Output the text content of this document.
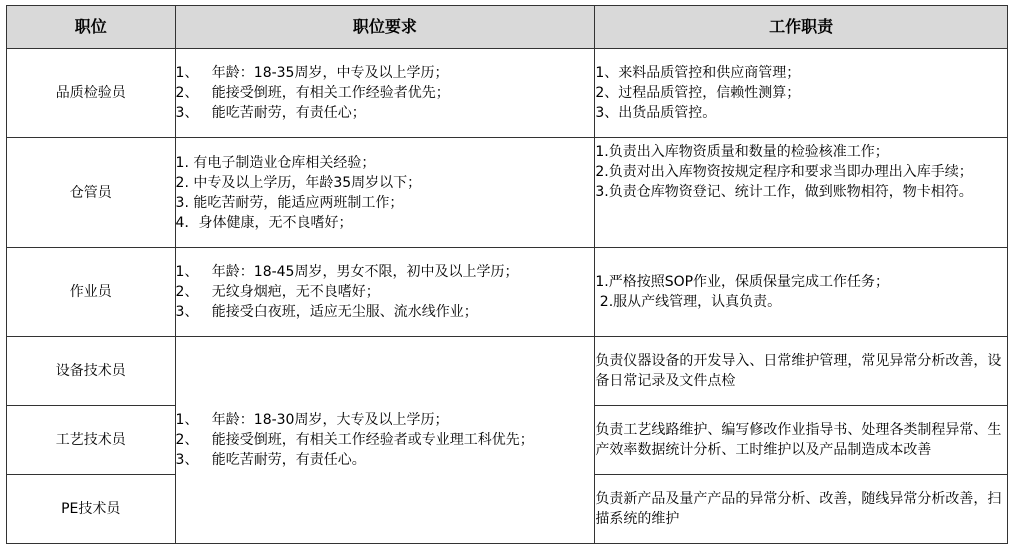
职位	职位要求	工作职责
品质检验员	1、   年龄：18-35周岁，中专及以上学历；
2、   能接受倒班，有相关工作经验者优先；
3、   能吃苦耐劳，有责任心；	1、来料品质管控和供应商管理；
2、过程品质管控，信赖性测算；
3、出货品质管控。

仓管员	1. 有电子制造业仓库相关经验；
2. 中专及以上学历，年龄35周岁以下；
3. 能吃苦耐劳，能适应两班制工作；
4．身体健康，无不良嗜好；	1.负责出入库物资质量和数量的检验核准工作；
2.负责对出入库物资按规定程序和要求当即办理出入库手续；
3.负责仓库物资登记、统计工作，做到账物相符，物卡相符。

作业员	1、   年龄：18-45周岁，男女不限，初中及以上学历；
2、   无纹身烟疤，无不良嗜好；
3、   能接受白夜班，适应无尘服、流水线作业；	1.严格按照SOP作业，保质保量完成工作任务；
2.服从产线管理，认真负责。

设备技术员	1、   年龄：18-30周岁，大专及以上学历；
2、   能接受倒班，有相关工作经验者或专业理工科优先；
3、   能吃苦耐劳，有责任心。	负责仪器设备的开发导入、日常维护管理，常见异常分析改善，设备日常记录及文件点检

工艺技术员		负责工艺线路维护、编写修改作业指导书、处理各类制程异常、生产效率数据统计分析、工时维护以及产品制造成本改善

PE技术员		负责新产品及量产产品的异常分析、改善，随线异常分析改善，扫描系统的维护
